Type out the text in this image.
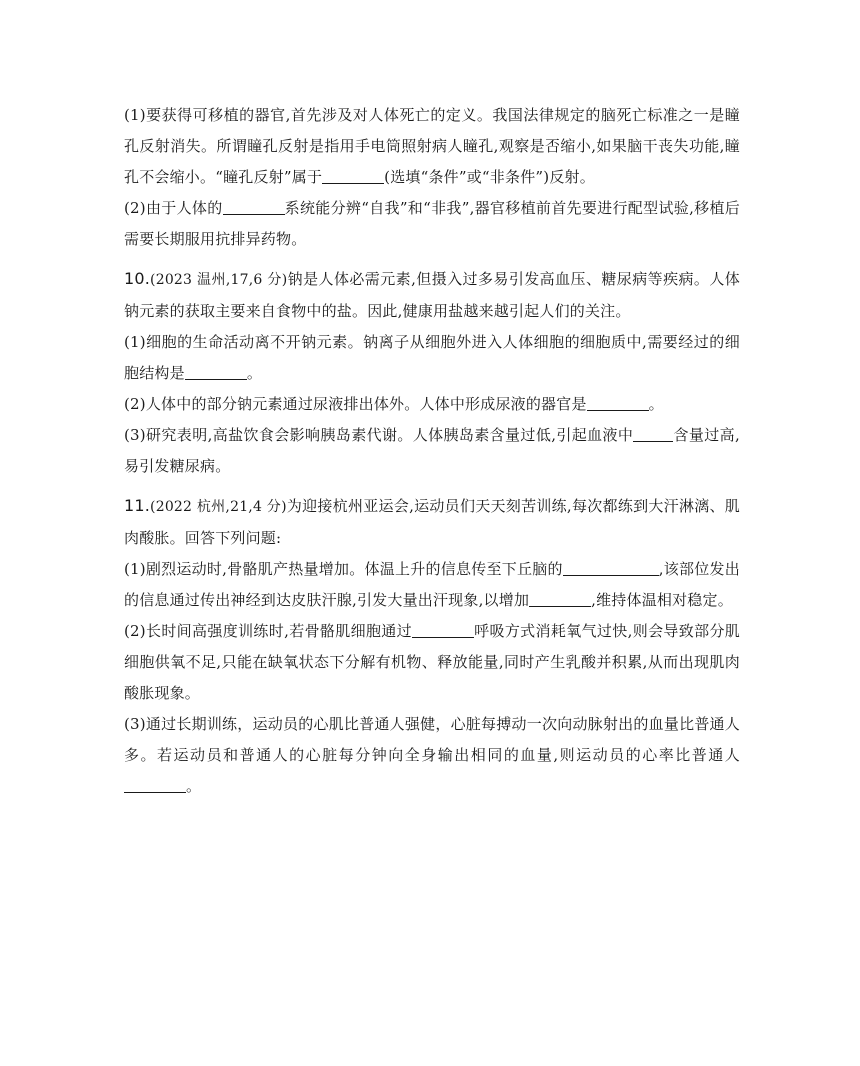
(1)要获得可移植的器官,首先涉及对人体死亡的定义。我国法律规定的脑死亡标准之一是瞳孔反射消失。所谓瞳孔反射是指用手电筒照射病人瞳孔,观察是否缩小,如果脑干丧失功能,瞳孔不会缩小。“瞳孔反射”属于	(选填“条件”或“非条件”)反射。

(2)由于人体的	系统能分辨“自我”和“非我”,器官移植前首先要进行配型试验,移植后需要长期服用抗排异药物。

10.(2023 温州,17,6 分)钠是人体必需元素,但摄入过多易引发高血压、糖尿病等疾病。人体钠元素的获取主要来自食物中的盐。因此,健康用盐越来越引起人们的关注。

(1)细胞的生命活动离不开钠元素。钠离子从细胞外进入人体细胞的细胞质中,需要经过的细胞结构是	。

(2)人体中的部分钠元素通过尿液排出体外。人体中形成尿液的器官是	。

(3)研究表明,高盐饮食会影响胰岛素代谢。人体胰岛素含量过低,引起血液中	含量过高,易引发糖尿病。

11.(2022 杭州,21,4 分)为迎接杭州亚运会,运动员们天天刻苦训练,每次都练到大汗淋漓、肌肉酸胀。回答下列问题:

(1)剧烈运动时,骨骼肌产热量增加。体温上升的信息传至下丘脑的	,该部位发出的信息通过传出神经到达皮肤汗腺,引发大量出汗现象,以增加	,维持体温相对稳定。

(2)长时间高强度训练时,若骨骼肌细胞通过	呼吸方式消耗氧气过快,则会导致部分肌细胞供氧不足,只能在缺氧状态下分解有机物、释放能量,同时产生乳酸并积累,从而出现肌肉酸胀现象。

(3)通过长期训练，运动员的心肌比普通人强健，心脏每搏动一次向动脉射出的血量比普通人多。若运动员和普通人的心脏每分钟向全身输出相同的血量,则运动员的心率比普通人。
